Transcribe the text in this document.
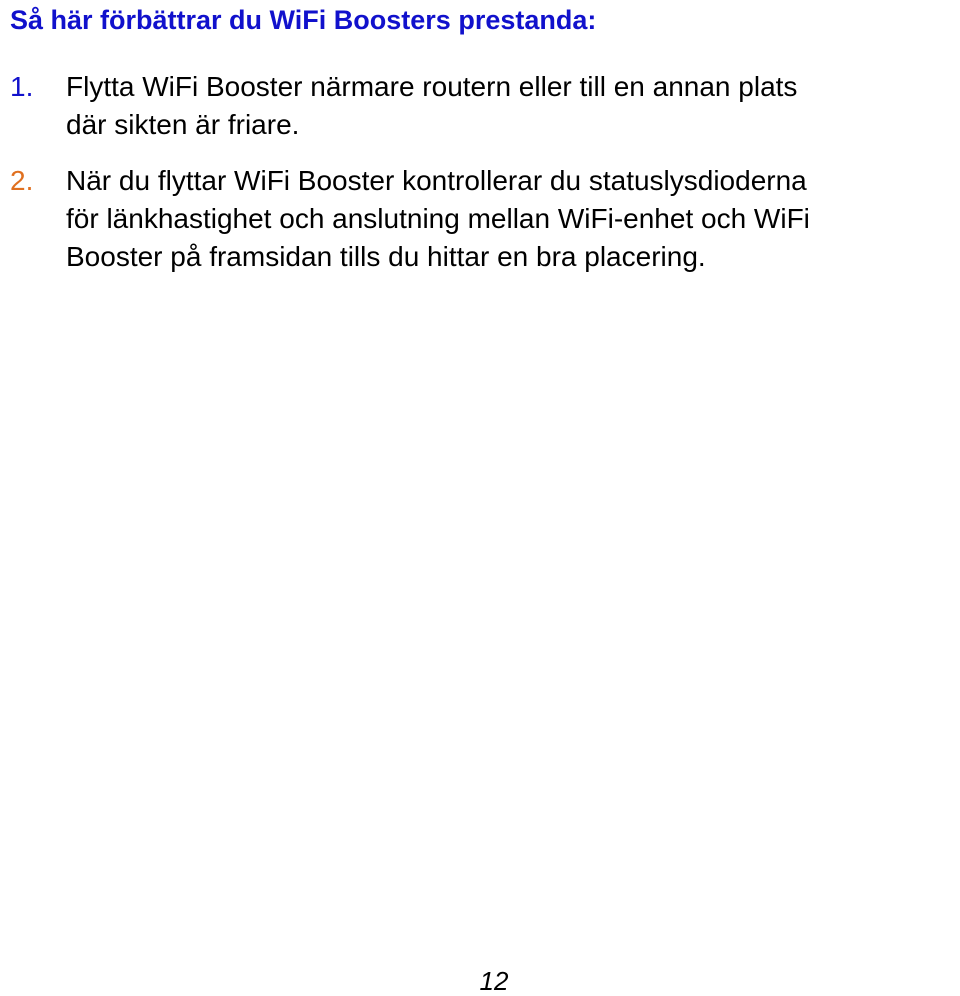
Så här förbättrar du WiFi Boosters prestanda:
1. Flytta WiFi Booster närmare routern eller till en annan plats
där sikten är friare.
2. När du flyttar WiFi Booster kontrollerar du statuslysdioderna
för länkhastighet och anslutning mellan WiFi-enhet och WiFi
Booster på framsidan tills du hittar en bra placering.
12
